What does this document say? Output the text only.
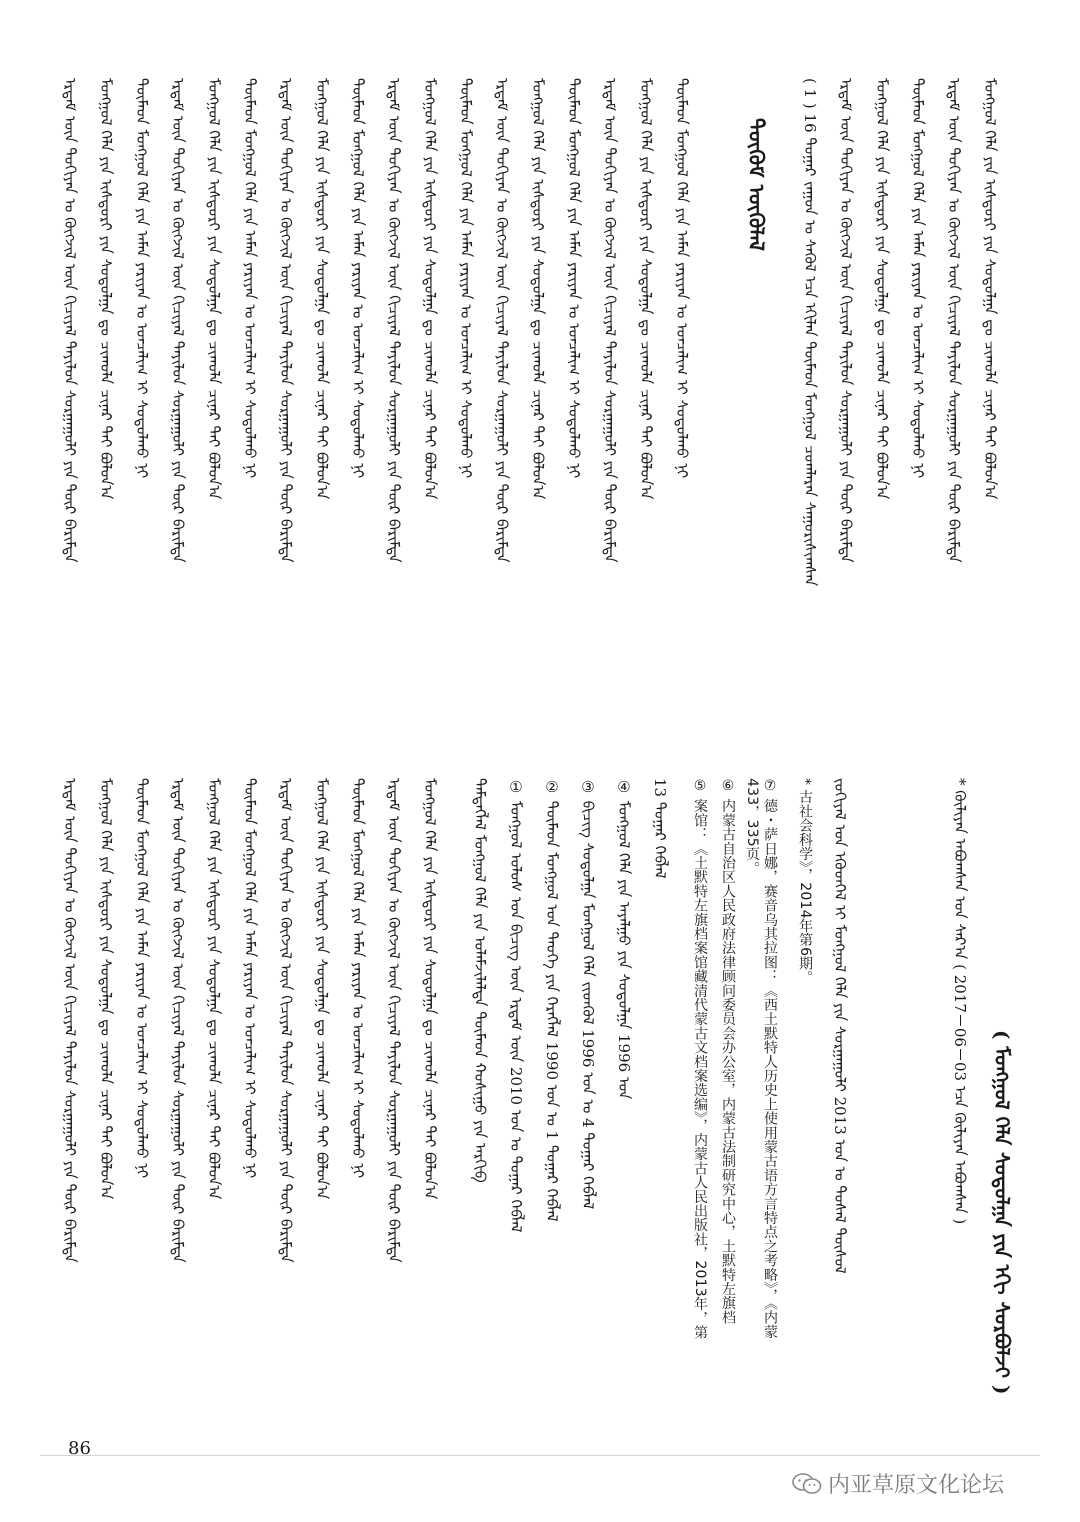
ᠡᠷᠳᠡᠮ ᠦᠨ ᠲᠣᠭᠢᠶᠠᠨ ᠤ ᠬᠥᠭᠵᠢᠯ ᠦᠨ ᠬᠢᠴᠢᠶᠡᠯ ᠲᠡᠶᠢᠯᠦᠨ ᠰᠤᠷᠭᠠᠭᠤᠯᠢ ᠶᠢᠨ ᠲᠦᠷ ᠪᠠᠷᠢᠮᠲᠠ ᠮᠣᠩᠭᠣᠯ ᠬᠡᠯᠡ ᠶᠢᠨ ᠢᠰᠲᠣᠷᠢ ᠶᠢᠨ ᠰᠤᠳᠤᠯᠭᠠ ᠳᠤ ᠴᠢᠬᠤᠯᠠ ᠴᠢᠨᠠᠷ ᠲᠠᠶ ᠪᠣᠯᠤᠨ᠎ᠠ ᠲᠦᠮᠡᠳ ᠮᠣᠩᠭᠣᠯ ᠬᠡᠯᠡ ᠶᠢᠨ ᠠᠮᠠᠨ ᠶᠠᠷᠢᠶᠠᠨ ᠤ ᠣᠨᠴᠠᠯᠢᠭ ᠢ ᠰᠤᠳᠤᠯᠬᠤ ᠨᠢ ᠡᠷᠳᠡᠮ ᠦᠨ ᠲᠣᠭᠢᠶᠠᠨ ᠤ ᠬᠥᠭᠵᠢᠯ ᠦᠨ ᠬᠢᠴᠢᠶᠡᠯ ᠲᠡᠶᠢᠯᠦᠨ ᠰᠤᠷᠭᠠᠭᠤᠯᠢ ᠶᠢᠨ ᠲᠦᠷ ᠪᠠᠷᠢᠮᠲᠠ ᠮᠣᠩᠭᠣᠯ ᠬᠡᠯᠡ ᠶᠢᠨ ᠢᠰᠲᠣᠷᠢ ᠶᠢᠨ ᠰᠤᠳᠤᠯᠭᠠ ᠳᠤ ᠴᠢᠬᠤᠯᠠ ᠴᠢᠨᠠᠷ ᠲᠠᠶ ᠪᠣᠯᠤᠨ᠎ᠠ ᠲᠦᠮᠡᠳ ᠮᠣᠩᠭᠣᠯ ᠬᠡᠯᠡ ᠶᠢᠨ ᠠᠮᠠᠨ ᠶᠠᠷᠢᠶᠠᠨ ᠤ ᠣᠨᠴᠠᠯᠢᠭ ᠢ ᠰᠤᠳᠤᠯᠬᠤ ᠨᠢ ᠡᠷᠳᠡᠮ ᠦᠨ ᠲᠣᠭᠢᠶᠠᠨ ᠤ ᠬᠥᠭᠵᠢᠯ ᠦᠨ ᠬᠢᠴᠢᠶᠡᠯ ᠲᠡᠶᠢᠯᠦᠨ ᠰᠤᠷᠭᠠᠭᠤᠯᠢ ᠶᠢᠨ ᠲᠦᠷ ᠪᠠᠷᠢᠮᠲᠠ ᠮᠣᠩᠭᠣᠯ ᠬᠡᠯᠡ ᠶᠢᠨ ᠢᠰᠲᠣᠷᠢ ᠶᠢᠨ ᠰᠤᠳᠤᠯᠭᠠ ᠳᠤ ᠴᠢᠬᠤᠯᠠ ᠴᠢᠨᠠᠷ ᠲᠠᠶ ᠪᠣᠯᠤᠨ᠎ᠠ ᠲᠦᠮᠡᠳ ᠮᠣᠩᠭᠣᠯ ᠬᠡᠯᠡ ᠶᠢᠨ ᠠᠮᠠᠨ ᠶᠠᠷᠢᠶᠠᠨ ᠤ ᠣᠨᠴᠠᠯᠢᠭ ᠢ ᠰᠤᠳᠤᠯᠬᠤ ᠨᠢ ᠡᠷᠳᠡᠮ ᠦᠨ ᠲᠣᠭᠢᠶᠠᠨ ᠤ ᠬᠥᠭᠵᠢᠯ ᠦᠨ ᠬᠢᠴᠢᠶᠡᠯ ᠲᠡᠶᠢᠯᠦᠨ ᠰᠤᠷᠭᠠᠭᠤᠯᠢ ᠶᠢᠨ ᠲᠦᠷ ᠪᠠᠷᠢᠮᠲᠠ ᠮᠣᠩᠭᠣᠯ ᠬᠡᠯᠡ ᠶᠢᠨ ᠢᠰᠲᠣᠷᠢ ᠶᠢᠨ ᠰᠤᠳᠤᠯᠭᠠ ᠳᠤ ᠴᠢᠬᠤᠯᠠ ᠴᠢᠨᠠᠷ ᠲᠠᠶ ᠪᠣᠯᠤᠨ᠎ᠠ ᠲᠦᠮᠡᠳ ᠮᠣᠩᠭᠣᠯ ᠬᠡᠯᠡ ᠶᠢᠨ ᠠᠮᠠᠨ ᠶᠠᠷᠢᠶᠠᠨ ᠤ ᠣᠨᠴᠠᠯᠢᠭ ᠢ ᠰᠤᠳᠤᠯᠬᠤ ᠨᠢ ᠡᠷᠳᠡᠮ ᠦᠨ ᠲᠣᠭᠢᠶᠠᠨ ᠤ ᠬᠥᠭᠵᠢᠯ ᠦᠨ ᠬᠢᠴᠢᠶᠡᠯ ᠲᠡᠶᠢᠯᠦᠨ ᠰᠤᠷᠭᠠᠭᠤᠯᠢ ᠶᠢᠨ ᠲᠦᠷ ᠪᠠᠷᠢᠮᠲᠠ ᠮᠣᠩᠭᠣᠯ ᠬᠡᠯᠡ ᠶᠢᠨ ᠢᠰᠲᠣᠷᠢ ᠶᠢᠨ ᠰᠤᠳᠤᠯᠭᠠ ᠳᠤ ᠴᠢᠬᠤᠯᠠ ᠴᠢᠨᠠᠷ ᠲᠠᠶ ᠪᠣᠯᠤᠨ᠎ᠠ ᠲᠦᠮᠡᠳ ᠮᠣᠩᠭᠣᠯ ᠬᠡᠯᠡ ᠶᠢᠨ ᠠᠮᠠᠨ ᠶᠠᠷᠢᠶᠠᠨ ᠤ ᠣᠨᠴᠠᠯᠢᠭ ᠢ ᠰᠤᠳᠤᠯᠬᠤ ᠨᠢ ᠡᠷᠳᠡᠮ ᠦᠨ ᠲᠣᠭᠢᠶᠠᠨ ᠤ ᠬᠥᠭᠵᠢᠯ ᠦᠨ ᠬᠢᠴᠢᠶᠡᠯ ᠲᠡᠶᠢᠯᠦᠨ ᠰᠤᠷᠭᠠᠭᠤᠯᠢ ᠶᠢᠨ ᠲᠦᠷ ᠪᠠᠷᠢᠮᠲᠠ ᠮᠣᠩᠭᠣᠯ ᠬᠡᠯᠡ ᠶᠢᠨ ᠢᠰᠲᠣᠷᠢ ᠶᠢᠨ ᠰᠤᠳᠤᠯᠭᠠ ᠳᠤ ᠴᠢᠬᠤᠯᠠ ᠴᠢᠨᠠᠷ ᠲᠠᠶ ᠪᠣᠯᠤᠨ᠎ᠠ ᠲᠦᠮᠡᠳ ᠮᠣᠩᠭᠣᠯ ᠬᠡᠯᠡ ᠶᠢᠨ ᠠᠮᠠᠨ ᠶᠠᠷᠢᠶᠠᠨ ᠤ ᠣᠨᠴᠠᠯᠢᠭ ᠢ ᠰᠤᠳᠤᠯᠬᠤ ᠨᠢ	ᠳᠦᠭᠦᠮ ᠥᠭᠦᠯᠡᠯ	( 1 ) 16 ᠳᠤᠭᠠᠷ ᠵᠠᠭᠤᠨ ᠤ ᠰᠡᠭᠦᠯ ᠡᠴᠡ ᠡᠬᠢᠯᠡᠨ ᠲᠦᠮᠡᠳ ᠮᠣᠩᠭᠣᠯ ᠴᠤᠭᠯᠠᠷᠠᠨ ᠰᠠᠭᠤᠷᠢᠰᠢᠭᠰᠠᠨ ᠡᠷᠳᠡᠮ ᠦᠨ ᠲᠣᠭᠢᠶᠠᠨ ᠤ ᠬᠥᠭᠵᠢᠯ ᠦᠨ ᠬᠢᠴᠢᠶᠡᠯ ᠲᠡᠶᠢᠯᠦᠨ ᠰᠤᠷᠭᠠᠭᠤᠯᠢ ᠶᠢᠨ ᠲᠦᠷ ᠪᠠᠷᠢᠮᠲᠠ ᠮᠣᠩᠭᠣᠯ ᠬᠡᠯᠡ ᠶᠢᠨ ᠢᠰᠲᠣᠷᠢ ᠶᠢᠨ ᠰᠤᠳᠤᠯᠭᠠ ᠳᠤ ᠴᠢᠬᠤᠯᠠ ᠴᠢᠨᠠᠷ ᠲᠠᠶ ᠪᠣᠯᠤᠨ᠎ᠠ ᠲᠦᠮᠡᠳ ᠮᠣᠩᠭᠣᠯ ᠬᠡᠯᠡ ᠶᠢᠨ ᠠᠮᠠᠨ ᠶᠠᠷᠢᠶᠠᠨ ᠤ ᠣᠨᠴᠠᠯᠢᠭ ᠢ ᠰᠤᠳᠤᠯᠬᠤ ᠨᠢ ᠡᠷᠳᠡᠮ ᠦᠨ ᠲᠣᠭᠢᠶᠠᠨ ᠤ ᠬᠥᠭᠵᠢᠯ ᠦᠨ ᠬᠢᠴᠢᠶᠡᠯ ᠲᠡᠶᠢᠯᠦᠨ ᠰᠤᠷᠭᠠᠭᠤᠯᠢ ᠶᠢᠨ ᠲᠦᠷ ᠪᠠᠷᠢᠮᠲᠠ ᠮᠣᠩᠭᠣᠯ ᠬᠡᠯᠡ ᠶᠢᠨ ᠢᠰᠲᠣᠷᠢ ᠶᠢᠨ ᠰᠤᠳᠤᠯᠭᠠ ᠳᠤ ᠴᠢᠬᠤᠯᠠ ᠴᠢᠨᠠᠷ ᠲᠠᠶ ᠪᠣᠯᠤᠨ᠎ᠠ
ᠡᠷᠳᠡᠮ ᠦᠨ ᠲᠣᠭᠢᠶᠠᠨ ᠤ ᠬᠥᠭᠵᠢᠯ ᠦᠨ ᠬᠢᠴᠢᠶᠡᠯ ᠲᠡᠶᠢᠯᠦᠨ ᠰᠤᠷᠭᠠᠭᠤᠯᠢ ᠶᠢᠨ ᠲᠦᠷ ᠪᠠᠷᠢᠮᠲᠠ ᠮᠣᠩᠭᠣᠯ ᠬᠡᠯᠡ ᠶᠢᠨ ᠢᠰᠲᠣᠷᠢ ᠶᠢᠨ ᠰᠤᠳᠤᠯᠭᠠ ᠳᠤ ᠴᠢᠬᠤᠯᠠ ᠴᠢᠨᠠᠷ ᠲᠠᠶ ᠪᠣᠯᠤᠨ᠎ᠠ ᠲᠦᠮᠡᠳ ᠮᠣᠩᠭᠣᠯ ᠬᠡᠯᠡ ᠶᠢᠨ ᠠᠮᠠᠨ ᠶᠠᠷᠢᠶᠠᠨ ᠤ ᠣᠨᠴᠠᠯᠢᠭ ᠢ ᠰᠤᠳᠤᠯᠬᠤ ᠨᠢ ᠡᠷᠳᠡᠮ ᠦᠨ ᠲᠣᠭᠢᠶᠠᠨ ᠤ ᠬᠥᠭᠵᠢᠯ ᠦᠨ ᠬᠢᠴᠢᠶᠡᠯ ᠲᠡᠶᠢᠯᠦᠨ ᠰᠤᠷᠭᠠᠭᠤᠯᠢ ᠶᠢᠨ ᠲᠦᠷ ᠪᠠᠷᠢᠮᠲᠠ ᠮᠣᠩᠭᠣᠯ ᠬᠡᠯᠡ ᠶᠢᠨ ᠢᠰᠲᠣᠷᠢ ᠶᠢᠨ ᠰᠤᠳᠤᠯᠭᠠ ᠳᠤ ᠴᠢᠬᠤᠯᠠ ᠴᠢᠨᠠᠷ ᠲᠠᠶ ᠪᠣᠯᠤᠨ᠎ᠠ ᠲᠦᠮᠡᠳ ᠮᠣᠩᠭᠣᠯ ᠬᠡᠯᠡ ᠶᠢᠨ ᠠᠮᠠᠨ ᠶᠠᠷᠢᠶᠠᠨ ᠤ ᠣᠨᠴᠠᠯᠢᠭ ᠢ ᠰᠤᠳᠤᠯᠬᠤ ᠨᠢ ᠡᠷᠳᠡᠮ ᠦᠨ ᠲᠣᠭᠢᠶᠠᠨ ᠤ ᠬᠥᠭᠵᠢᠯ ᠦᠨ ᠬᠢᠴᠢᠶᠡᠯ ᠲᠡᠶᠢᠯᠦᠨ ᠰᠤᠷᠭᠠᠭᠤᠯᠢ ᠶᠢᠨ ᠲᠦᠷ ᠪᠠᠷᠢᠮᠲᠠ ᠮᠣᠩᠭᠣᠯ ᠬᠡᠯᠡ ᠶᠢᠨ ᠢᠰᠲᠣᠷᠢ ᠶᠢᠨ ᠰᠤᠳᠤᠯᠭᠠ ᠳᠤ ᠴᠢᠬᠤᠯᠠ ᠴᠢᠨᠠᠷ ᠲᠠᠶ ᠪᠣᠯᠤᠨ᠎ᠠ ᠲᠦᠮᠡᠳ ᠮᠣᠩᠭᠣᠯ ᠬᠡᠯᠡ ᠶᠢᠨ ᠠᠮᠠᠨ ᠶᠠᠷᠢᠶᠠᠨ ᠤ ᠣᠨᠴᠠᠯᠢᠭ ᠢ ᠰᠤᠳᠤᠯᠬᠤ ᠨᠢ ᠡᠷᠳᠡᠮ ᠦᠨ ᠲᠣᠭᠢᠶᠠᠨ ᠤ ᠬᠥᠭᠵᠢᠯ ᠦᠨ ᠬᠢᠴᠢᠶᠡᠯ ᠲᠡᠶᠢᠯᠦᠨ ᠰᠤᠷᠭᠠᠭᠤᠯᠢ ᠶᠢᠨ ᠲᠦᠷ ᠪᠠᠷᠢᠮᠲᠠ ᠮᠣᠩᠭᠣᠯ ᠬᠡᠯᠡ ᠶᠢᠨ ᠢᠰᠲᠣᠷᠢ ᠶᠢᠨ ᠰᠤᠳᠤᠯᠭᠠ ᠳᠤ ᠴᠢᠬᠤᠯᠠ ᠴᠢᠨᠠᠷ ᠲᠠᠶ ᠪᠣᠯᠤᠨ᠎ᠠ ᠲᠡᠮᠳᠡᠭᠯᠡᠯ ᠮᠣᠩᠭᠣᠯ ᠬᠡᠯᠡ ᠶᠢᠨ ᠤᠯᠠᠮᠵᠢᠯᠠᠯᠲᠠ ᠲᠦᠮᠡᠳ ᠬᠣᠰᠢᠭᠤ ᠶᠢᠨ ᠠᠷᠬᠢᠪ ① ᠮᠣᠩᠭᠣᠯ ᠤᠯᠤᠰ ᠤᠨ ᠪᠢᠴᠢᠭ ᠦᠨ ᠡᠷᠳᠡᠮ ᠦᠨ 2010 ᠣᠨ ᠤ ᠳᠤᠭᠠᠷ ᠬᠡᠪᠯᠡᠯ ② ᠲᠦᠮᠡᠳ ᠮᠣᠩᠭᠣᠯ ᠤᠨ ᠲᠡᠦᠬᠡ ᠶᠢᠨ ᠬᠡᠷᠡᠭᠯᠡᠯ 1990 ᠣᠨ ᠤ 1 ᠳᠤᠭᠠᠷ ᠬᠡᠪᠯᠡᠯ ③ ᠪᠢᠴᠢᠭ ᠰᠤᠳᠤᠯᠭᠠ ᠮᠣᠩᠭᠣᠯ ᠬᠡᠯᠡ ᠵᠢᠳᠬᠦᠯ 1996 ᠣᠨ ᠤ 4 ᠳᠤᠭᠠᠷ ᠬᠡᠪᠯᠡᠯ ④ ᠮᠣᠩᠭᠣᠯ ᠬᠡᠯᠡ ᠶᠢᠨ ᠠᠶᠠᠯᠭᠤ ᠶᠢᠨ ᠰᠤᠳᠤᠯᠭᠠ 1996 ᠣᠨ 13 ᠳᠤᠭᠠᠷ ᠬᠡᠪᠯᠡᠯ ⑤ 案馆：《土默特左旗档案馆藏清代蒙古文档案选编》，内蒙古人民出版社，2013年，第 ⑥ 内蒙古自治区人民政府法律顾问委员会办公室，内蒙古法制研究中心，土默特左旗档 ⑦ 德・萨日娜，赛音乌其拉图：《西土默特人历史上使用蒙古语方言特点之考略》，《内蒙 * 古社会科学》，2014年第6期。
433，335页。	ᠵᠣᠬᠢᠶᠠᠯ ᠤᠨ ᠡᠭᠦᠳᠬᠡᠯ ᠢ ᠮᠣᠩᠭᠣᠯ ᠬᠡᠯᠡ ᠶᠢᠨ ᠰᠤᠷᠭᠠᠭᠤᠯᠢ 2013 ᠣᠨ ᠤ ᠲᠤᠰᠠᠯ ᠲᠥᠰᠥᠯ	* ᠬᠦᠯᠢᠶᠡᠨ ᠠᠪᠤᠭᠰᠠᠨ ᠣᠨ ᠰᠠᠷ᠎ᠠ ( 2017－06－03 ᠡᠴᠡ ᠬᠦᠯᠢᠶᠡᠨ ᠠᠪᠤᠭᠰᠠᠨ ) ( ᠮᠣᠩᠭᠣᠯ ᠬᠡᠯᠡ ᠰᠤᠳᠤᠯᠭᠠ ᠶᠢᠨ ᠡᠬᠢ ᠰᠤᠷᠪᠤᠯᠵᠢ )
86
内亚草原文化论坛
